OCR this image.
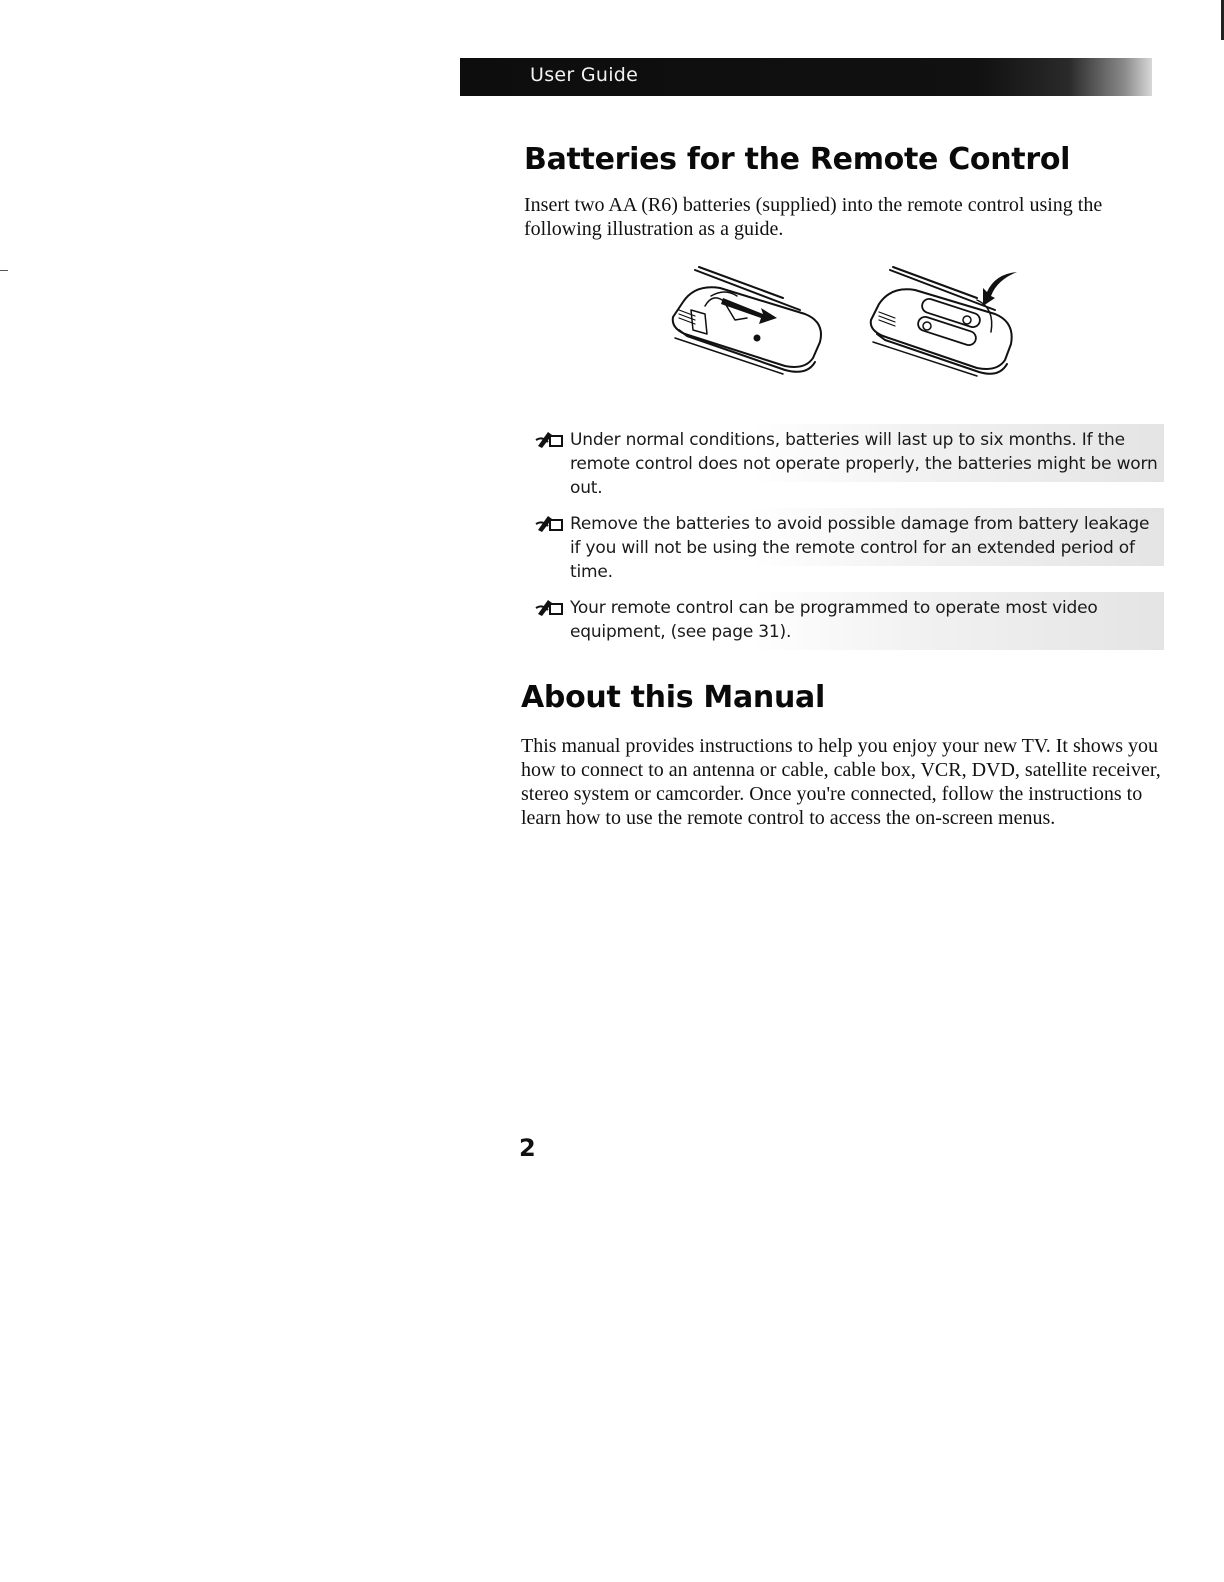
User Guide
Batteries for the Remote Control

Insert two AA (R6) batteries (supplied) into the remote control using the following illustration as a guide.

Under normal conditions, batteries will last up to six months. If the remote control does not operate properly, the batteries might be worn out.

Remove the batteries to avoid possible damage from battery leakage if you will not be using the remote control for an extended period of time.

Your remote control can be programmed to operate most video equipment, (see page 31).

About this Manual

This manual provides instructions to help you enjoy your new TV. It shows you how to connect to an antenna or cable, cable box, VCR, DVD, satellite receiver, stereo system or camcorder. Once you're connected, follow the instructions to learn how to use the remote control to access the on-screen menus.

2
